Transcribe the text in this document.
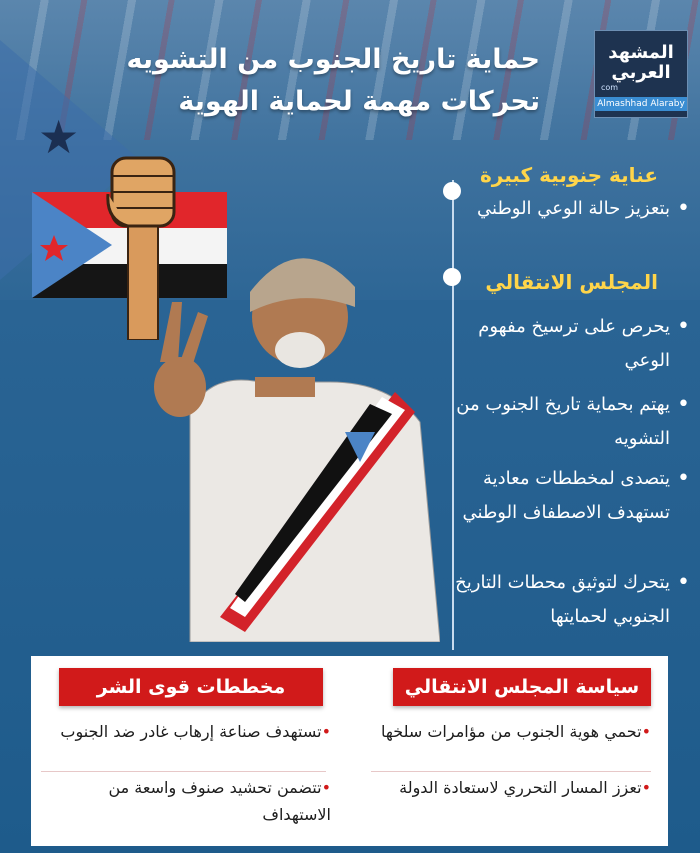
★
حماية تاريخ الجنوب من التشويه
تحركات مهمة لحماية الهوية
المشهد العربي
com
Almashhad Alaraby
عناية جنوبية كبيرة
• بتعزيز حالة الوعي الوطني
المجلس الانتقالي
• يحرص على ترسيخ مفهوم الوعي
• يهتم بحماية تاريخ الجنوب من التشويه
• يتصدى لمخططات معادية تستهدف الاصطفاف الوطني
• يتحرك لتوثيق محطات التاريخ الجنوبي لحمايتها
سياسة المجلس الانتقالي
مخططات قوى الشر
•تحمي هوية الجنوب من مؤامرات سلخها
•تعزز المسار التحرري لاستعادة الدولة
•تستهدف صناعة إرهاب غادر ضد الجنوب
•تتضمن تحشيد صنوف واسعة من الاستهداف
